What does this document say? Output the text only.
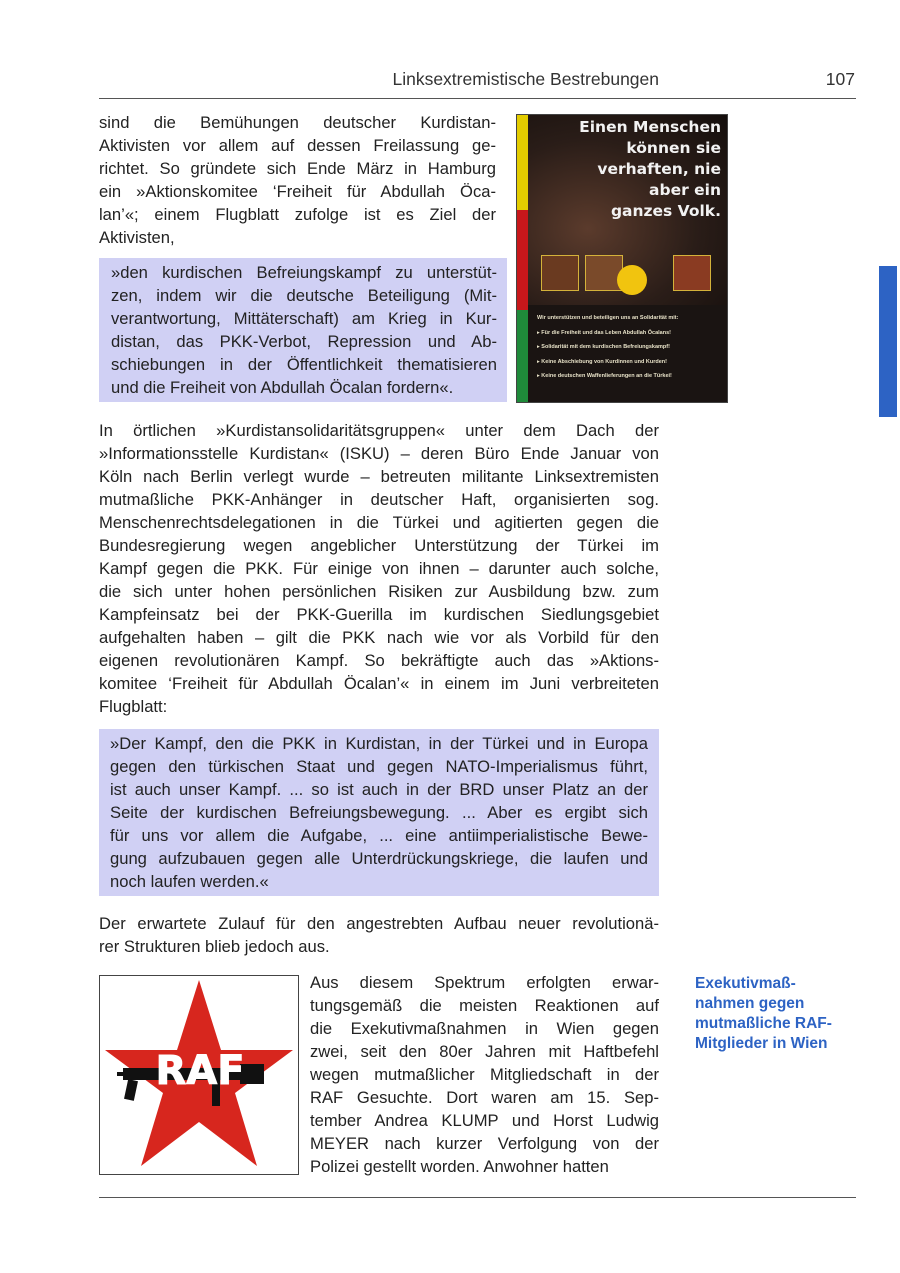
Linksextremistische Bestrebungen	107

sind die Bemühungen deutscher Kurdistan-
Aktivisten vor allem auf dessen Freilassung ge-
richtet. So gründete sich Ende März in Hamburg
ein »Aktionskomitee ‘Freiheit für Abdullah Öca-
lan’«; einem Flugblatt zufolge ist es Ziel der
Aktivisten,

»den kurdischen Befreiungskampf zu unterstüt-
zen, indem wir die deutsche Beteiligung (Mit-
verantwortung, Mittäterschaft) am Krieg in Kur-
distan, das PKK-Verbot, Repression und Ab-
schiebungen in der Öffentlichkeit thematisieren
und die Freiheit von Abdullah Öcalan fordern«.

Einen Menschen
können sie
verhaften, nie
aber ein
ganzes Volk.
Wir unterstützen und beteiligen uns an Solidarität mit:
▸ Für die Freiheit und das Leben Abdullah Öcalans!
▸ Solidarität mit dem kurdischen Befreiungskampf!
▸ Keine Abschiebung von Kurdinnen und Kurden!
▸ Keine deutschen Waffenlieferungen an die Türkei!

In örtlichen »Kurdistansolidaritätsgruppen« unter dem Dach der
»Informationsstelle Kurdistan« (ISKU) – deren Büro Ende Januar von
Köln nach Berlin verlegt wurde – betreuten militante Linksextremisten
mutmaßliche PKK-Anhänger in deutscher Haft, organisierten sog.
Menschenrechtsdelegationen in die Türkei und agitierten gegen die
Bundesregierung wegen angeblicher Unterstützung der Türkei im
Kampf gegen die PKK. Für einige von ihnen – darunter auch solche,
die sich unter hohen persönlichen Risiken zur Ausbildung bzw. zum
Kampfeinsatz bei der PKK-Guerilla im kurdischen Siedlungsgebiet
aufgehalten haben – gilt die PKK nach wie vor als Vorbild für den
eigenen revolutionären Kampf. So bekräftigte auch das »Aktions-
komitee ‘Freiheit für Abdullah Öcalan’« in einem im Juni verbreiteten
Flugblatt:

»Der Kampf, den die PKK in Kurdistan, in der Türkei und in Europa
gegen den türkischen Staat und gegen NATO-Imperialismus führt,
ist auch unser Kampf. ... so ist auch in der BRD unser Platz an der
Seite der kurdischen Befreiungsbewegung. ... Aber es ergibt sich
für uns vor allem die Aufgabe, ... eine antiimperialistische Bewe-
gung aufzubauen gegen alle Unterdrückungskriege, die laufen und
noch laufen werden.«

Der erwartete Zulauf für den angestrebten Aufbau neuer revolutionä-
rer Strukturen blieb jedoch aus.

RAF

Aus diesem Spektrum erfolgten erwar-
tungsgemäß die meisten Reaktionen auf
die Exekutivmaßnahmen in Wien gegen
zwei, seit den 80er Jahren mit Haftbefehl
wegen mutmaßlicher Mitgliedschaft in der
RAF Gesuchte. Dort waren am 15. Sep-
tember Andrea KLUMP und Horst Ludwig
MEYER nach kurzer Verfolgung von der
Polizei gestellt worden. Anwohner hatten

Exekutivmaß-
nahmen gegen
mutmaßliche RAF-
Mitglieder in Wien
